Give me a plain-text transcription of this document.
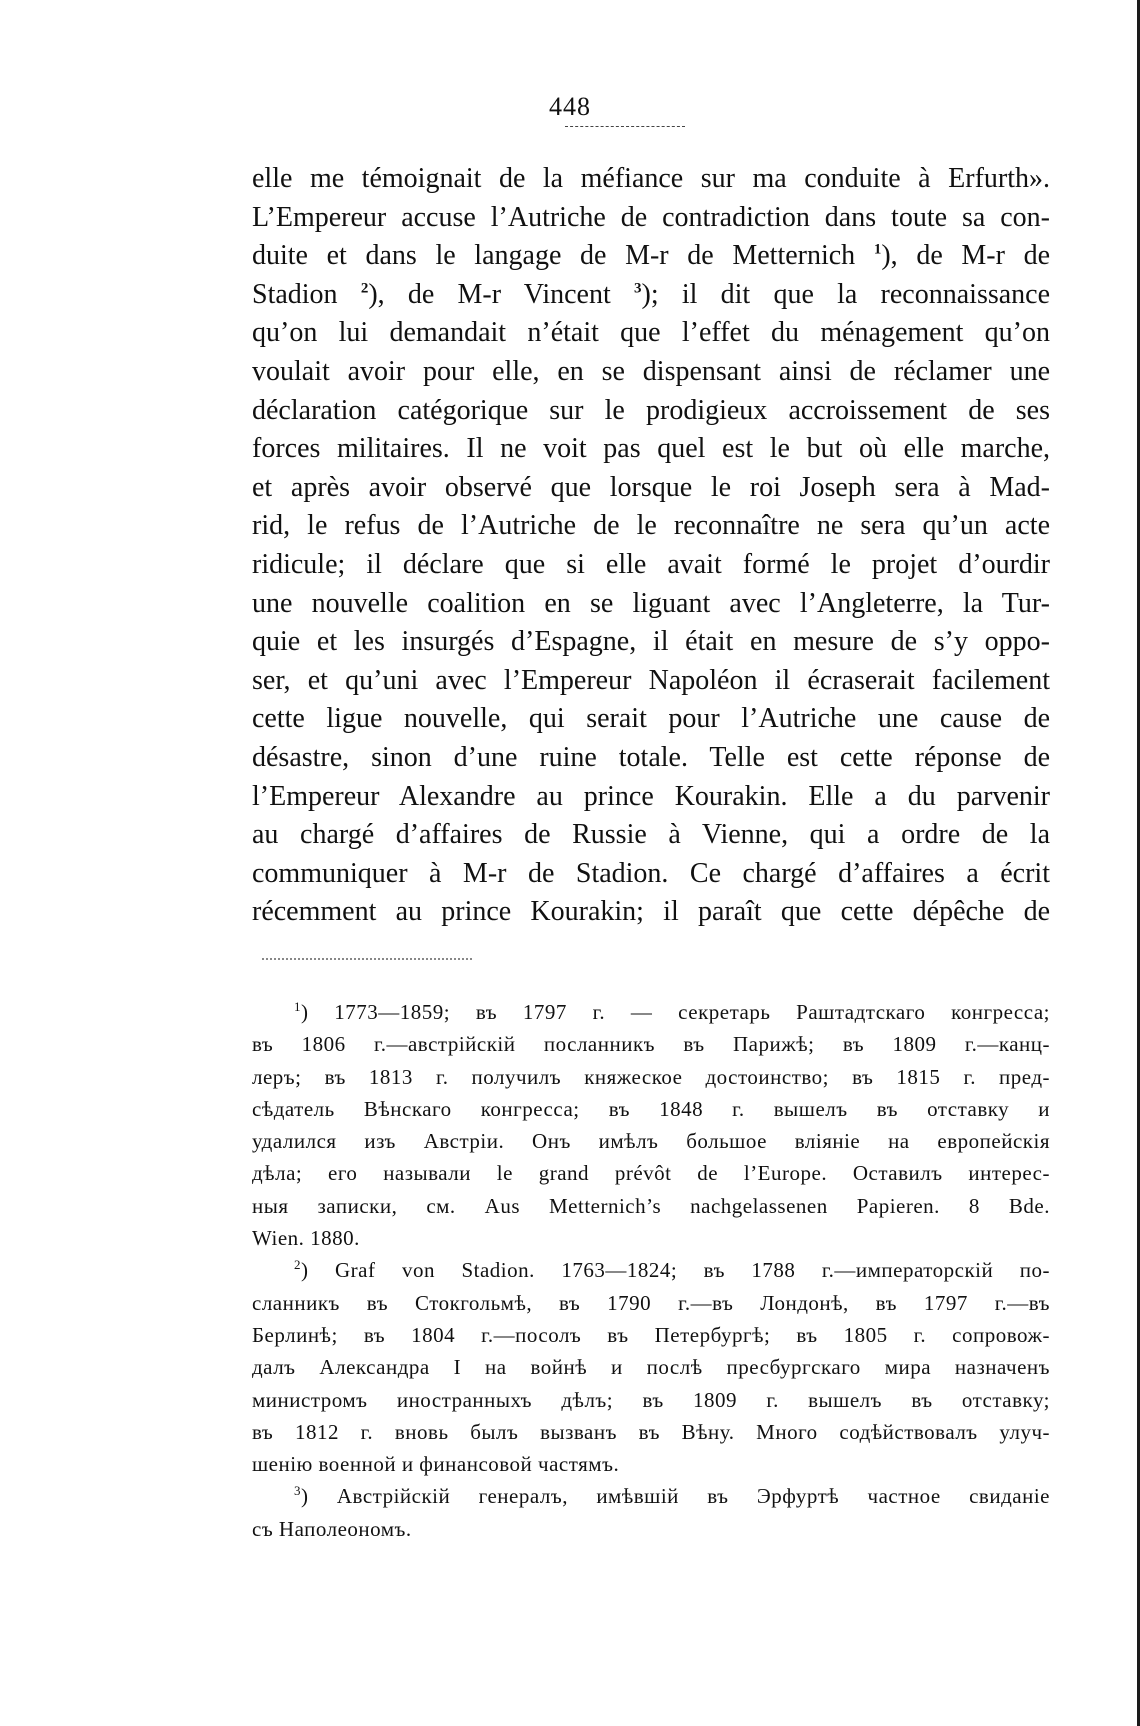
448
elle me témoignait de la méfiance sur ma conduite à Erfurth».
L’Empereur accuse l’Autriche de contradiction dans toute sa con-
duite et dans le langage de M-r de Metternich $^1$), de M-r de
Stadion $^2$), de M-r Vincent $^3$); il dit que la reconnaissance
qu’on lui demandait n’était que l’effet du ménagement qu’on
voulait avoir pour elle, en se dispensant ainsi de réclamer une
déclaration catégorique sur le prodigieux accroissement de ses
forces militaires. Il ne voit pas quel est le but où elle marche,
et après avoir observé que lorsque le roi Joseph sera à Mad-
rid, le refus de l’Autriche de le reconnaître ne sera qu’un acte
ridicule; il déclare que si elle avait formé le projet d’ourdir
une nouvelle coalition en se liguant avec l’Angleterre, la Tur-
quie et les insurgés d’Espagne, il était en mesure de s’y oppo-
ser, et qu’uni avec l’Empereur Napoléon il écraserait facilement
cette ligue nouvelle, qui serait pour l’Autriche une cause de
désastre, sinon d’une ruine totale. Telle est cette réponse de
l’Empereur Alexandre au prince Kourakin. Elle a du parvenir
au chargé d’affaires de Russie à Vienne, qui a ordre de la
communiquer à M-r de Stadion. Ce chargé d’affaires a écrit
récemment au prince Kourakin; il paraît que cette dépêche de
$^1$) 1773—1859; въ 1797 г. — секретарь Раштадтскаго конгресса;
въ 1806 г.—австрійскій посланникъ въ Парижѣ; въ 1809 г.—канц-
леръ; въ 1813 г. получилъ княжеское достоинство; въ 1815 г. пред-
сѣдатель Вѣнскаго конгресса; въ 1848 г. вышелъ въ отставку и
удалился изъ Австріи. Онъ имѣлъ большое вліяніе на европейскія
дѣла; его называли le grand prévôt de l’Europe. Оставилъ интерес-
ныя записки, см. Aus Metternich’s nachgelassenen Papieren. 8 Bde.
Wien. 1880.
$^2$) Graf von Stadion. 1763—1824; въ 1788 г.—императорскій по-
сланникъ въ Стокгольмѣ, въ 1790 г.—въ Лондонѣ, въ 1797 г.—въ
Берлинѣ; въ 1804 г.—посолъ въ Петербургѣ; въ 1805 г. сопровож-
далъ Александра I на войнѣ и послѣ пресбургскаго мира назначенъ
министромъ иностранныхъ дѣлъ; въ 1809 г. вышелъ въ отставку;
въ 1812 г. вновь былъ вызванъ въ Вѣну. Много содѣйствовалъ улуч-
шенію военной и финансовой частямъ.
$^3$) Австрійскій генералъ, имѣвшій въ Эрфуртѣ частное свиданіе
съ Наполеономъ.
